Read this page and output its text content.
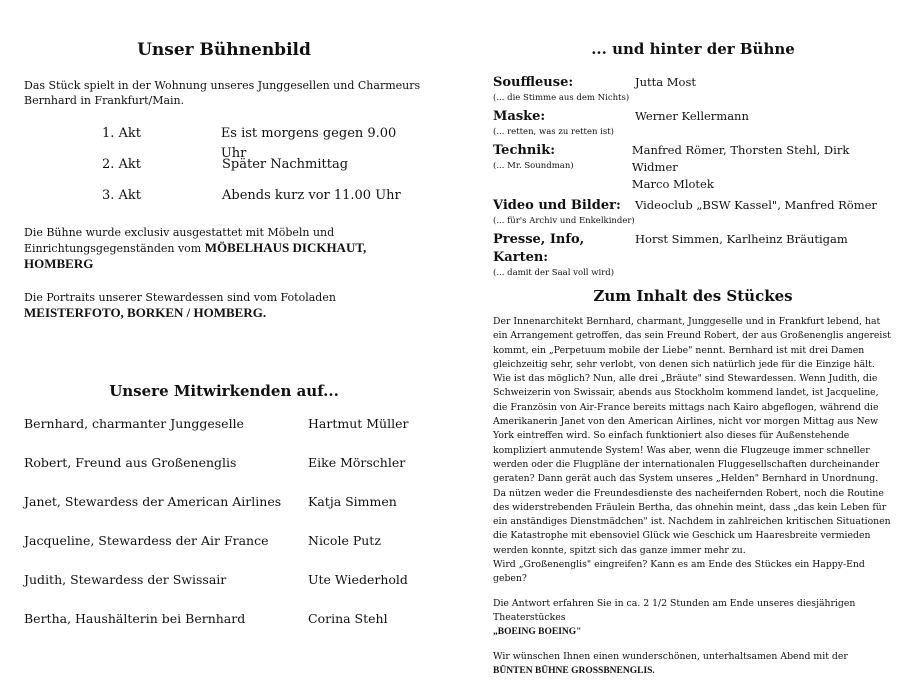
Unser Bühnenbild

Das Stück spielt in der Wohnung unseres Junggesellen und Charmeurs Bernhard in Frankfurt/Main.

1. Akt	Es ist morgens gegen 9.00 Uhr
2. Akt	Später Nachmittag
3. Akt	Abends kurz vor 11.00 Uhr

Die Bühne wurde exclusiv ausgestattet mit Möbeln und Einrichtungsgegenständen vom MÖBELHAUS DICKHAUT, HOMBERG

Die Portraits unserer Stewardessen sind vom Fotoladen MEISTERFOTO, BORKEN / HOMBERG.

Unsere Mitwirkenden auf...
Bernhard, charmanter Junggeselle	Hartmut Müller
Robert, Freund aus Großenenglis	Eike Mörschler
Janet, Stewardess der American Airlines	Katja Simmen
Jacqueline, Stewardess der Air France	Nicole Putz
Judith, Stewardess der Swissair	Ute Wiederhold
Bertha, Haushälterin bei Bernhard	Corina Stehl
... und hinter der Bühne
Souffleuse:
(... die Stimme aus dem Nichts)
Jutta Most
Maske:
(... retten, was zu retten ist)
Werner Kellermann
Technik:
(... Mr. Soundman)
Manfred Römer, Thorsten Stehl, Dirk Widmer
Marco Mlotek
Video und Bilder:
(... für's Archiv und Enkelkinder)
Videoclub „BSW Kassel", Manfred Römer
Presse, Info, Karten:
(... damit der Saal voll wird)
Horst Simmen, Karlheinz Bräutigam
Zum Inhalt des Stückes

Der Innenarchitekt Bernhard, charmant, Junggeselle und in Frankfurt lebend, hat ein Arrangement getroffen, das sein Freund Robert, der aus Großenenglis angereist kommt, ein „Perpetuum mobile der Liebe" nennt. Bernhard ist mit drei Damen gleichzeitig sehr, sehr verlobt, von denen sich natürlich jede für die Einzige hält. Wie ist das möglich? Nun, alle drei „Bräute" sind Stewardessen. Wenn Judith, die Schweizerin von Swissair, abends aus Stockholm kommend landet, ist Jacqueline, die Französin von Air-France bereits mittags nach Kairo abgeflogen, während die Amerikanerin Janet von den American Airlines, nicht vor morgen Mittag aus New York eintreffen wird. So einfach funktioniert also dieses für Außenstehende kompliziert anmutende System! Was aber, wenn die Flugzeuge immer schneller werden oder die Flugpläne der internationalen Fluggesellschaften durcheinander geraten? Dann gerät auch das System unseres „Helden" Bernhard in Unordnung.

Da nützen weder die Freundesdienste des nacheifernden Robert, noch die Routine des widerstrebenden Fräulein Bertha, das ohnehin meint, dass „das kein Leben für ein anständiges Dienstmädchen" ist. Nachdem in zahlreichen kritischen Situationen die Katastrophe mit ebensoviel Glück wie Geschick um Haaresbreite vermieden werden konnte, spitzt sich das ganze immer mehr zu.

Wird „Großenenglis" eingreifen? Kann es am Ende des Stückes ein Happy-End geben?

Die Antwort erfahren Sie in ca. 2 1/2 Stunden am Ende unseres diesjährigen Theaterstückes
„BOEING BOEING"

Wir wünschen Ihnen einen wunderschönen, unterhaltsamen Abend mit der
BÜNTEN BÜHNE GROSSBNENGLIS.
